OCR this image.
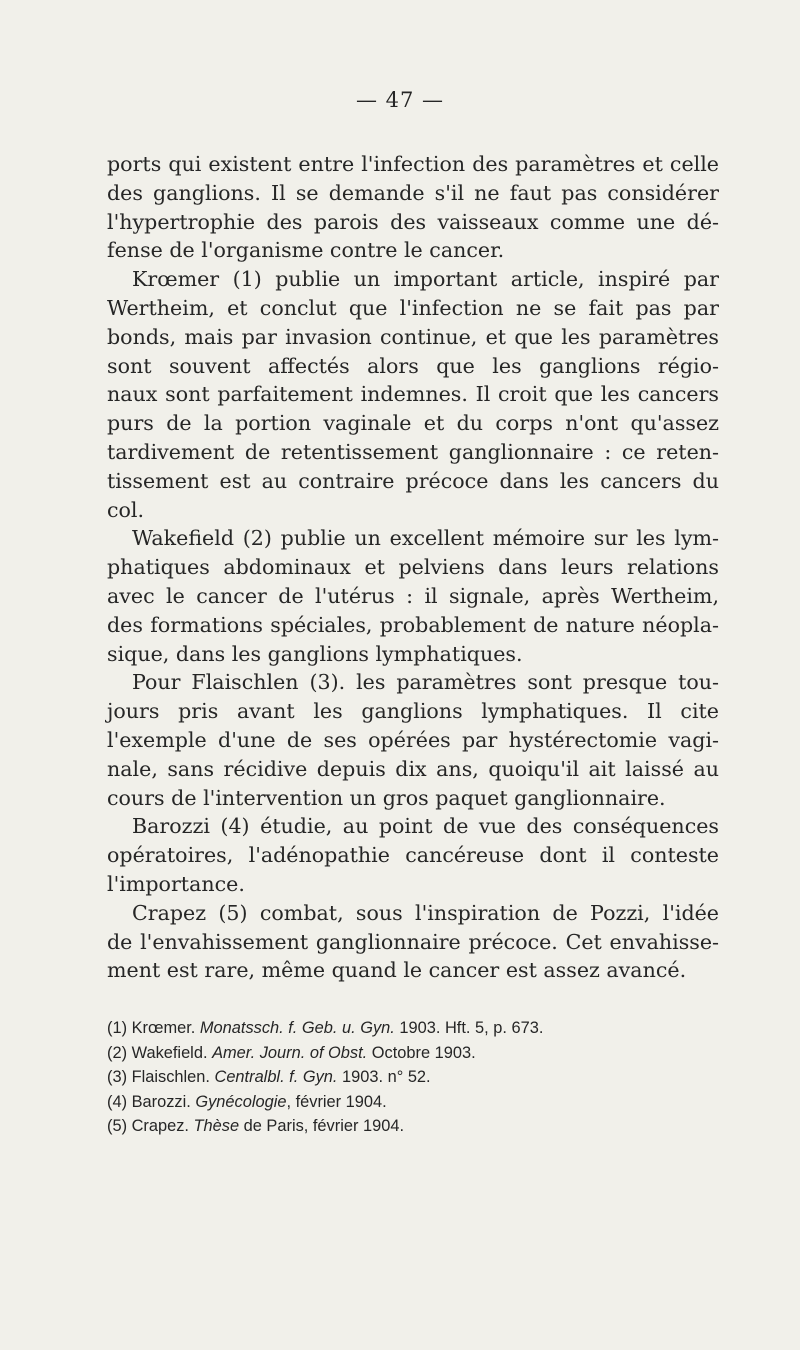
— 47 —
ports qui existent entre l'infection des paramètres et celle
des ganglions. Il se demande s'il ne faut pas considérer
l'hypertrophie des parois des vaisseaux comme une dé-
fense de l'organisme contre le cancer.
Krœmer (1) publie un important article, inspiré par
Wertheim, et conclut que l'infection ne se fait pas par
bonds, mais par invasion continue, et que les paramètres
sont souvent affectés alors que les ganglions régio-
naux sont parfaitement indemnes. Il croit que les cancers
purs de la portion vaginale et du corps n'ont qu'assez
tardivement de retentissement ganglionnaire : ce reten-
tissement est au contraire précoce dans les cancers du
col.
Wakefield (2) publie un excellent mémoire sur les lym-
phatiques abdominaux et pelviens dans leurs relations
avec le cancer de l'utérus : il signale, après Wertheim,
des formations spéciales, probablement de nature néopla-
sique, dans les ganglions lymphatiques.
Pour Flaischlen (3). les paramètres sont presque tou-
jours pris avant les ganglions lymphatiques. Il cite
l'exemple d'une de ses opérées par hystérectomie vagi-
nale, sans récidive depuis dix ans, quoiqu'il ait laissé au
cours de l'intervention un gros paquet ganglionnaire.
Barozzi (4) étudie, au point de vue des conséquences
opératoires, l'adénopathie cancéreuse dont il conteste
l'importance.
Crapez (5) combat, sous l'inspiration de Pozzi, l'idée
de l'envahissement ganglionnaire précoce. Cet envahisse-
ment est rare, même quand le cancer est assez avancé.
(1) Krœmer. Monatssch. f. Geb. u. Gyn. 1903. Hft. 5, p. 673.
(2) Wakefield. Amer. Journ. of Obst. Octobre 1903.
(3) Flaischlen. Centralbl. f. Gyn. 1903. n° 52.
(4) Barozzi. Gynécologie, février 1904.
(5) Crapez. Thèse de Paris, février 1904.
